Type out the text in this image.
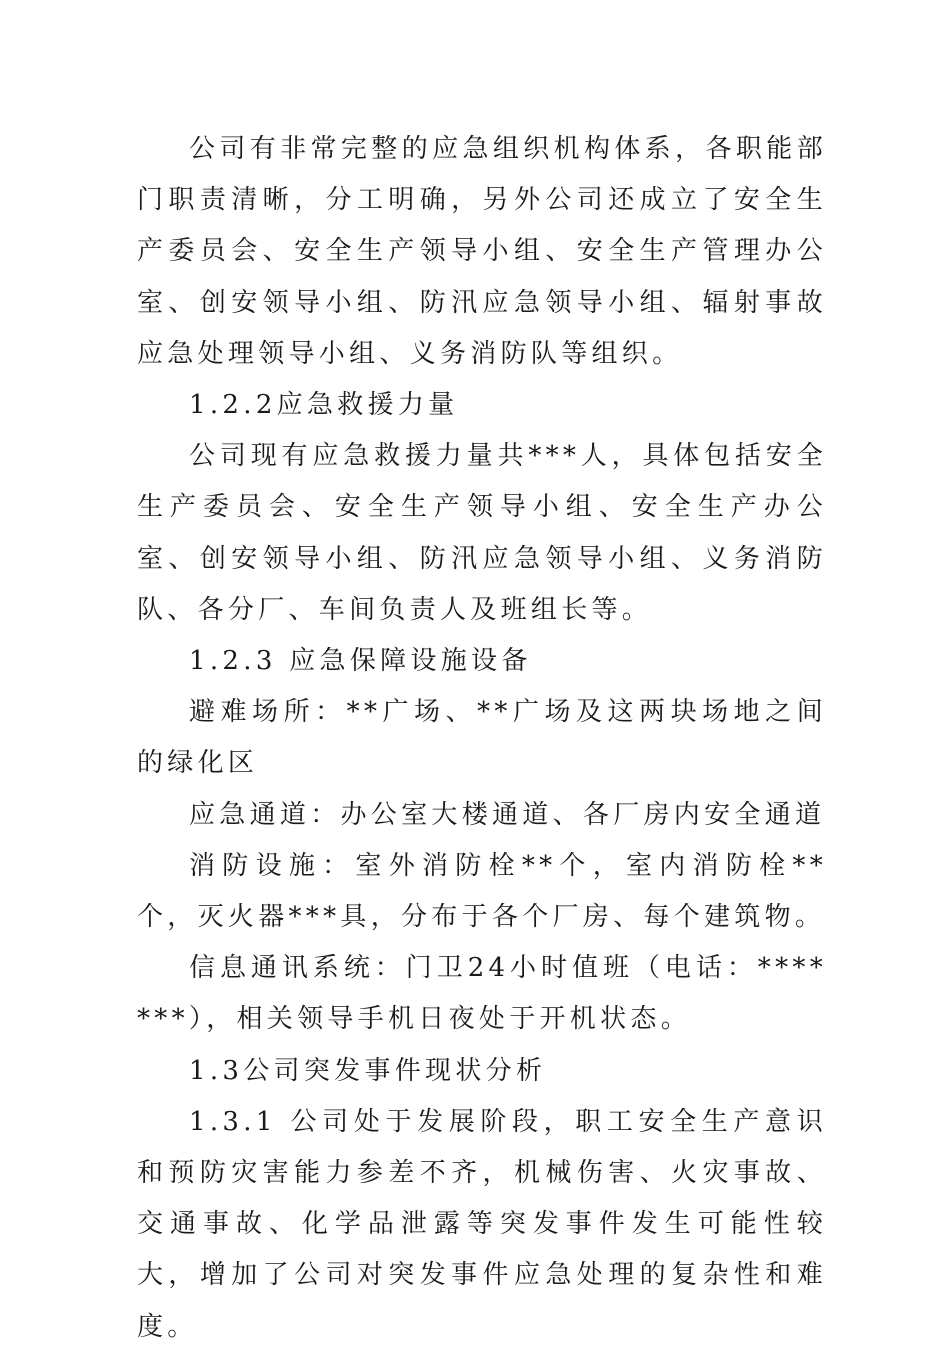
公司有非常完整的应急组织机构体系，各职能部门职责清晰，分工明确，另外公司还成立了安全生产委员会、安全生产领导小组、安全生产管理办公室、创安领导小组、防汛应急领导小组、辐射事故应急处理领导小组、义务消防队等组织。

1.2.2应急救援力量

公司现有应急救援力量共***人，具体包括安全生产委员会、安全生产领导小组、安全生产办公室、创安领导小组、防汛应急领导小组、义务消防队、各分厂、车间负责人及班组长等。

1.2.3 应急保障设施设备

避难场所：**广场、**广场及这两块场地之间的绿化区

应急通道：办公室大楼通道、各厂房内安全通道

消防设施：室外消防栓**个，室内消防栓**个，灭火器***具，分布于各个厂房、每个建筑物。

信息通讯系统：门卫24小时值班（电话：*******），相关领导手机日夜处于开机状态。

1.3公司突发事件现状分析

1.3.1 公司处于发展阶段，职工安全生产意识和预防灾害能力参差不齐，机械伤害、火灾事故、交通事故、化学品泄露等突发事件发生可能性较大，增加了公司对突发事件应急处理的复杂性和难度。
